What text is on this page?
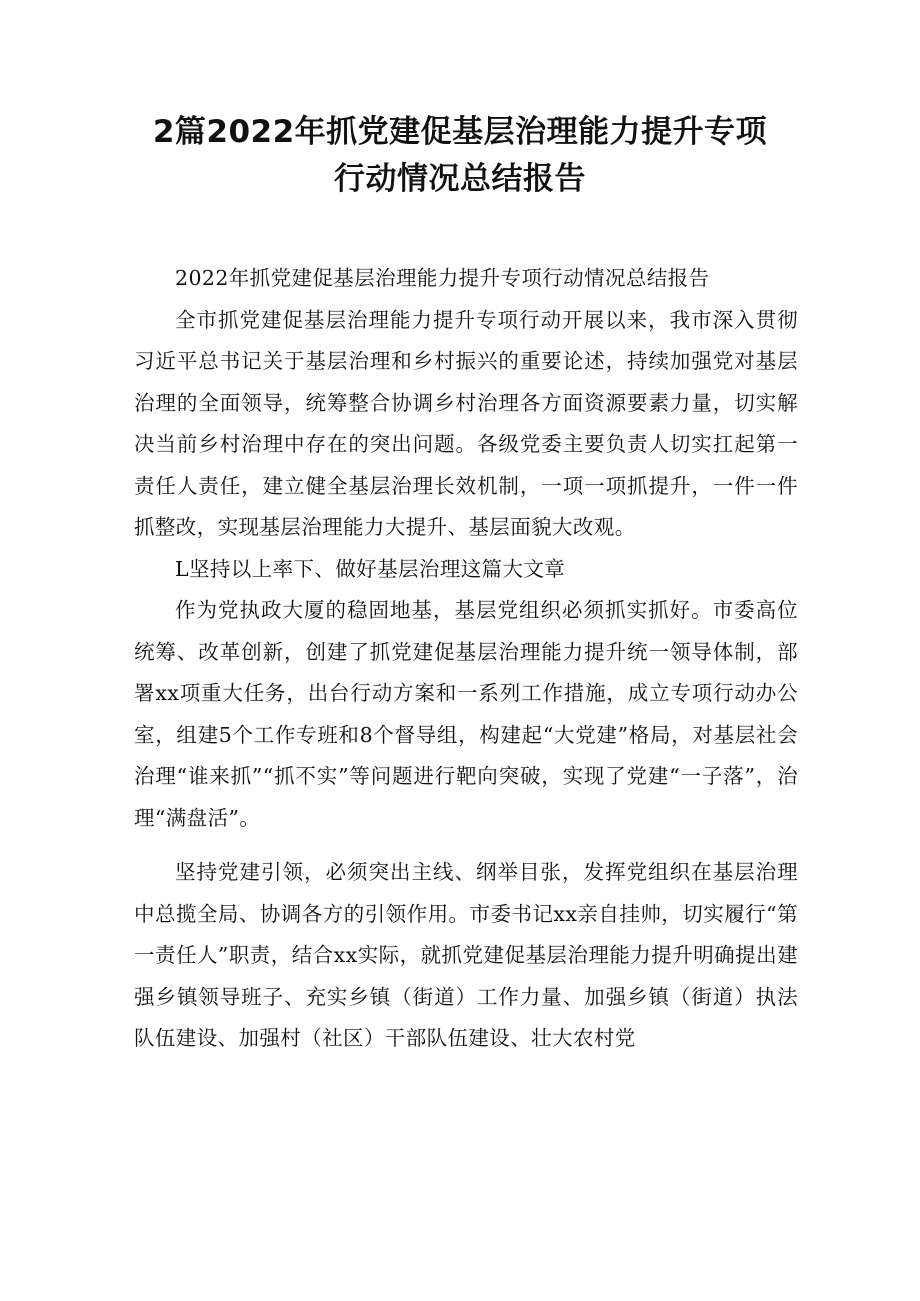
2篇2022年抓党建促基层治理能力提升专项
行动情况总结报告

2022年抓党建促基层治理能力提升专项行动情况总结报告

全市抓党建促基层治理能力提升专项行动开展以来，我市深入贯彻习近平总书记关于基层治理和乡村振兴的重要论述，持续加强党对基层治理的全面领导，统筹整合协调乡村治理各方面资源要素力量，切实解决当前乡村治理中存在的突出问题。各级党委主要负责人切实扛起第一责任人责任，建立健全基层治理长效机制，一项一项抓提升，一件一件抓整改，实现基层治理能力大提升、基层面貌大改观。

L坚持以上率下、做好基层治理这篇大文章

作为党执政大厦的稳固地基，基层党组织必须抓实抓好。市委高位统筹、改革创新，创建了抓党建促基层治理能力提升统一领导体制，部署xx项重大任务，出台行动方案和一系列工作措施，成立专项行动办公室，组建5个工作专班和8个督导组，构建起“大党建”格局，对基层社会治理“谁来抓”“抓不实”等问题进行靶向突破，实现了党建“一子落”，治理“满盘活”。

坚持党建引领，必须突出主线、纲举目张，发挥党组织在基层治理中总揽全局、协调各方的引领作用。市委书记xx亲自挂帅，切实履行“第一责任人”职责，结合xx实际，就抓党建促基层治理能力提升明确提出建强乡镇领导班子、充实乡镇（街道）工作力量、加强乡镇（街道）执法队伍建设、加强村（社区）干部队伍建设、壮大农村党
